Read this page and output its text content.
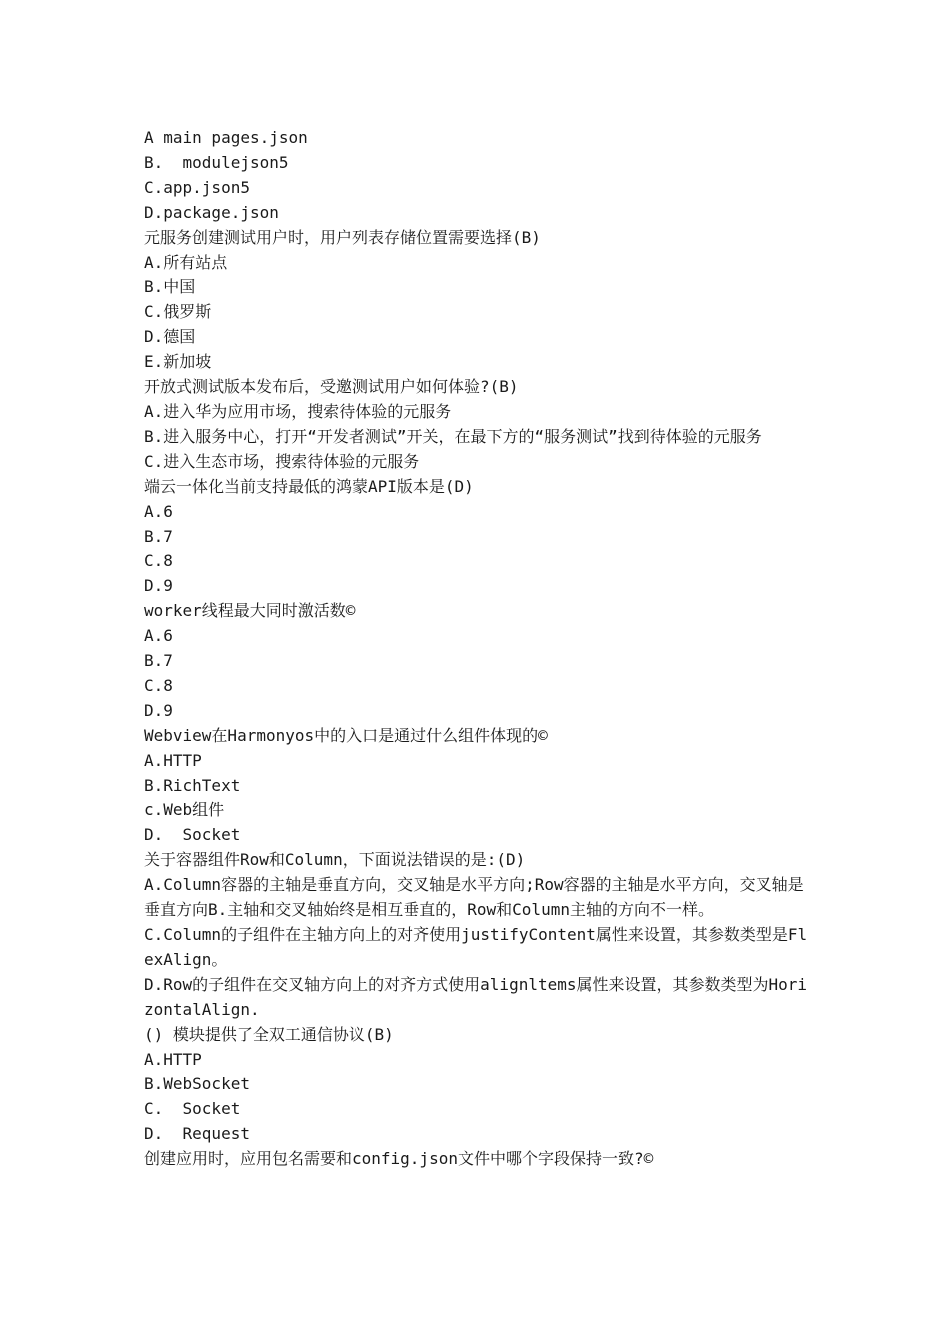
A main pages.json

B.  modulejson5

C.app.json5

D.package.json

元服务创建测试用户时，用户列表存储位置需要选择(B)

A.所有站点

B.中国

C.俄罗斯

D.德国

E.新加坡

开放式测试版本发布后，受邀测试用户如何体验?(B)

A.进入华为应用市场，搜索待体验的元服务

B.进入服务中心，打开“开发者测试”开关，在最下方的“服务测试”找到待体验的元服务

C.进入生态市场，搜索待体验的元服务

端云一体化当前支持最低的鸿蒙API版本是(D)

A.6

B.7

C.8

D.9

worker线程最大同时激活数©

A.6

B.7

C.8

D.9

Webview在Harmonyos中的入口是通过什么组件体现的©

A.HTTP

B.RichText

c.Web组件

D.  Socket

关于容器组件Row和Column，下面说法错误的是:(D)

A.Column容器的主轴是垂直方向，交叉轴是水平方向;Row容器的主轴是水平方向，交叉轴是垂直方向B.主轴和交叉轴始终是相互垂直的，Row和Column主轴的方向不一样。

C.Column的子组件在主轴方向上的对齐使用justifyContent属性来设置，其参数类型是FlexAlign。

D.Row的子组件在交叉轴方向上的对齐方式使用alignltems属性来设置，其参数类型为HorizontalAlign.

() 模块提供了全双工通信协议(B)

A.HTTP

B.WebSocket

C.  Socket

D.  Request

创建应用时，应用包名需要和config.json文件中哪个字段保持一致?©
